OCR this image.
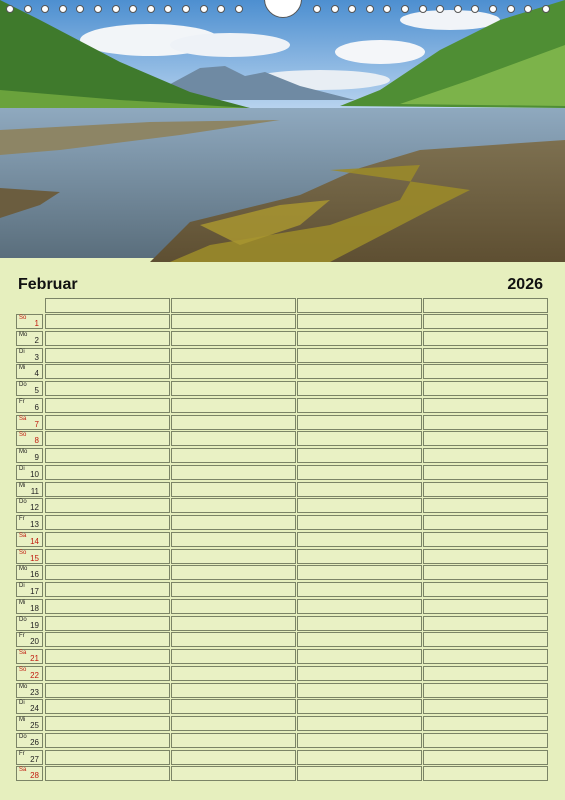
Februar	2026
So
1
Mo
2
Di
3
Mi
4
Do
5
Fr
6
Sa
7
So
8
Mo
9
Di
10
Mi
11
Do
12
Fr
13
Sa
14
So
15
Mo
16
Di
17
Mi
18
Do
19
Fr
20
Sa
21
So
22
Mo
23
Di
24
Mi
25
Do
26
Fr
27
Sa
28
